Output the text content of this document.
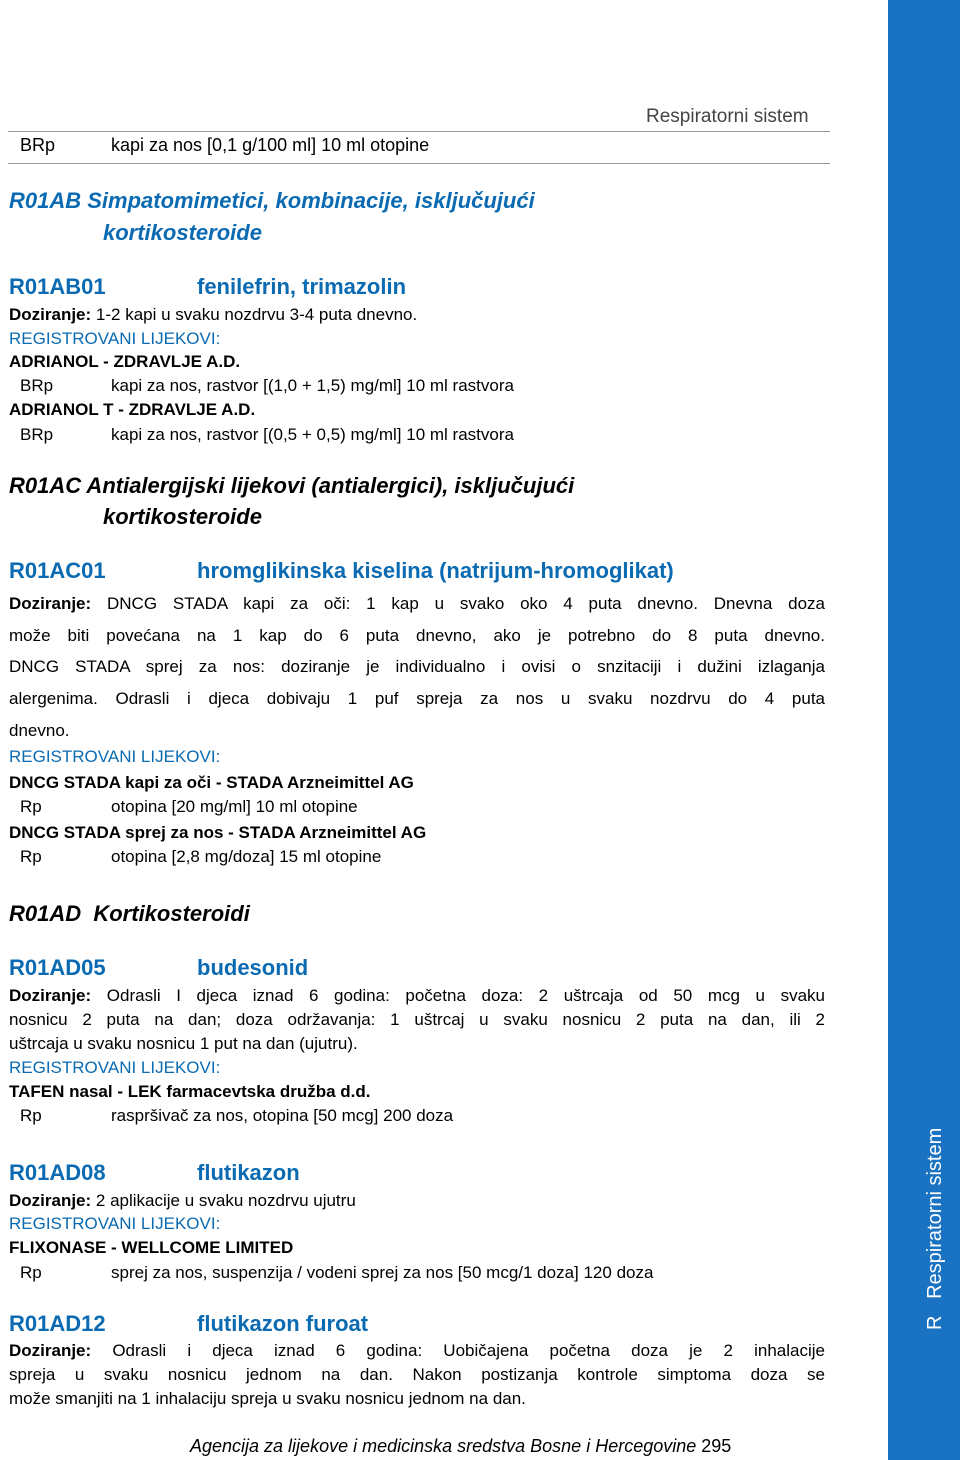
Respiratorni sistem
BRp	kapi za nos [0,1 g/100 ml] 10 ml otopine
R01AB Simpatomimetici, kombinacije, isključujući
kortikosteroide
R01AB01	fenilefrin, trimazolin
Doziranje: 1-2 kapi u svaku nozdrvu 3-4 puta dnevno.
REGISTROVANI LIJEKOVI:
ADRIANOL - ZDRAVLJE A.D.
BRp	kapi za nos, rastvor [(1,0 + 1,5) mg/ml] 10 ml rastvora
ADRIANOL T - ZDRAVLJE A.D.
BRp	kapi za nos, rastvor [(0,5 + 0,5) mg/ml] 10 ml rastvora
R01AC Antialergijski lijekovi (antialergici), isključujući
kortikosteroide
R01AC01	hromglikinska kiselina (natrijum-hromoglikat)
Doziranje: DNCG STADA kapi za oči: 1 kap u svako oko 4 puta dnevno. Dnevna doza
može biti povećana na 1 kap do 6 puta dnevno, ako je potrebno do 8 puta dnevno.
DNCG STADA sprej za nos: doziranje je individualno i ovisi o snzitaciji i dužini izlaganja
alergenima. Odrasli i djeca dobivaju 1 puf spreja za nos u svaku nozdrvu do 4 puta
dnevno.
REGISTROVANI LIJEKOVI:
DNCG STADA kapi za oči - STADA Arzneimittel AG
Rp	otopina [20 mg/ml] 10 ml otopine
DNCG STADA sprej za nos - STADA Arzneimittel AG
Rp	otopina [2,8 mg/doza] 15 ml otopine
R01AD  Kortikosteroidi
R01AD05	budesonid
Doziranje: Odrasli I djeca iznad 6 godina: početna doza: 2 uštrcaja od 50 mcg u svaku
nosnicu 2 puta na dan; doza održavanja: 1 uštrcaj u svaku nosnicu 2 puta na dan, ili 2
uštrcaja u svaku nosnicu 1 put na dan (ujutru).
REGISTROVANI LIJEKOVI:
TAFEN nasal - LEK farmacevtska družba d.d.
Rp	raspršivač za nos, otopina [50 mcg] 200 doza
R01AD08	flutikazon
Doziranje: 2 aplikacije u svaku nozdrvu ujutru
REGISTROVANI LIJEKOVI:
FLIXONASE - WELLCOME LIMITED
Rp	sprej za nos, suspenzija / vodeni sprej za nos [50 mcg/1 doza] 120 doza
R01AD12	flutikazon furoat
Doziranje: Odrasli i djeca iznad 6 godina: Uobičajena početna doza je 2 inhalacije
spreja u svaku nosnicu jednom na dan. Nakon postizanja kontrole simptoma doza se
može smanjiti na 1 inhalaciju spreja u svaku nosnicu jednom na dan.
Agencija za lijekove i medicinska sredstva Bosne i Hercegovine 295
R   Respiratorni sistem
